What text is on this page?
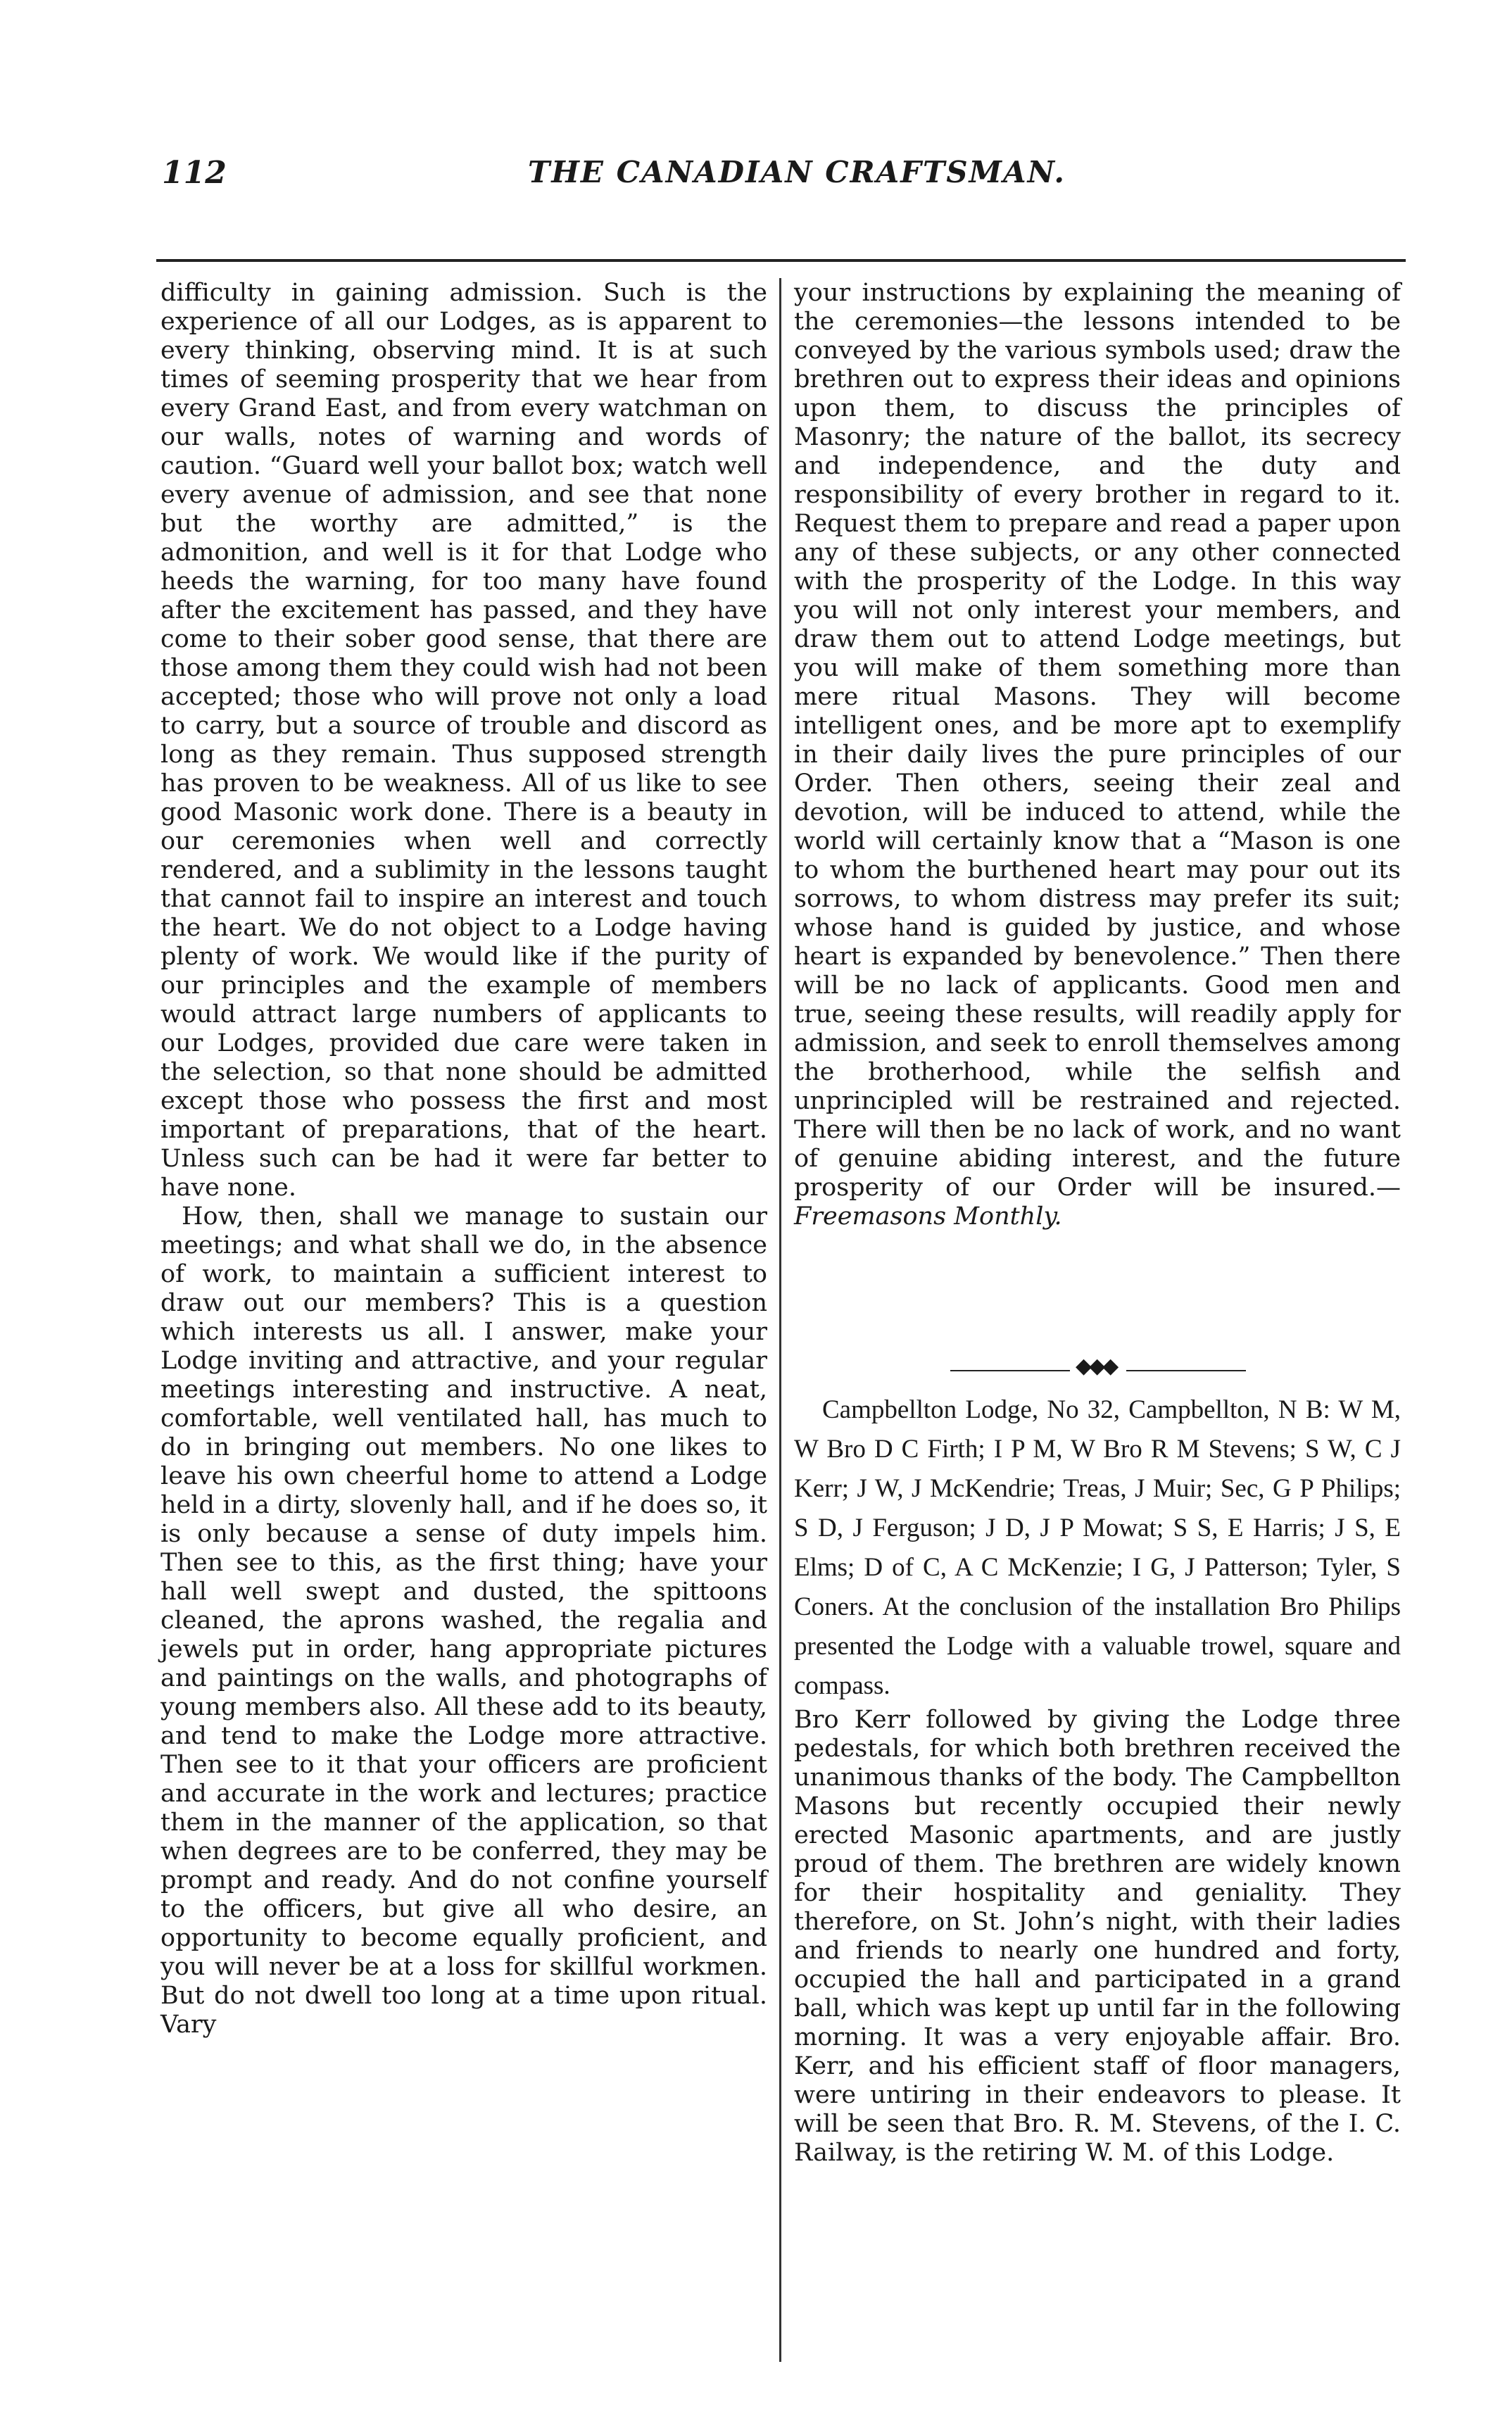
112	THE CANADIAN CRAFTSMAN.

difficulty in gaining admission. Such is the experience of all our Lodges, as is apparent to every thinking, observing mind. It is at such times of seeming prosperity that we hear from every Grand East, and from every watchman on our walls, notes of warning and words of caution. “Guard well your ballot box; watch well every avenue of admission, and see that none but the worthy are admitted,” is the admonition, and well is it for that Lodge who heeds the warning, for too many have found after the excitement has passed, and they have come to their sober good sense, that there are those among them they could wish had not been accepted; those who will prove not only a load to carry, but a source of trouble and discord as long as they remain. Thus supposed strength has proven to be weakness. All of us like to see good Masonic work done. There is a beauty in our ceremonies when well and correctly rendered, and a sublimity in the lessons taught that cannot fail to inspire an interest and touch the heart. We do not object to a Lodge having plenty of work. We would like if the purity of our principles and the example of members would attract large numbers of applicants to our Lodges, provided due care were taken in the selection, so that none should be admitted except those who possess the first and most important of preparations, that of the heart. Unless such can be had it were far better to have none.

How, then, shall we manage to sustain our meetings; and what shall we do, in the absence of work, to maintain a sufficient interest to draw out our members? This is a question which interests us all. I answer, make your Lodge inviting and attractive, and your regular meetings interesting and instructive. A neat, comfortable, well ventilated hall, has much to do in bringing out members. No one likes to leave his own cheerful home to attend a Lodge held in a dirty, slovenly hall, and if he does so, it is only because a sense of duty impels him. Then see to this, as the first thing; have your hall well swept and dusted, the spittoons cleaned, the aprons washed, the regalia and jewels put in order, hang appropriate pictures and paintings on the walls, and photographs of young members also. All these add to its beauty, and tend to make the Lodge more attractive. Then see to it that your officers are proficient and accurate in the work and lectures; practice them in the manner of the application, so that when degrees are to be conferred, they may be prompt and ready. And do not confine yourself to the officers, but give all who desire, an opportunity to become equally proficient, and you will never be at a loss for skillful workmen. But do not dwell too long at a time upon ritual. Vary

your instructions by explaining the meaning of the ceremonies—the lessons intended to be conveyed by the various symbols used; draw the brethren out to express their ideas and opinions upon them, to discuss the principles of Masonry; the nature of the ballot, its secrecy and independence, and the duty and responsibility of every brother in regard to it. Request them to prepare and read a paper upon any of these subjects, or any other connected with the prosperity of the Lodge. In this way you will not only interest your members, and draw them out to attend Lodge meetings, but you will make of them something more than mere ritual Masons. They will become intelligent ones, and be more apt to exemplify in their daily lives the pure principles of our Order. Then others, seeing their zeal and devotion, will be induced to attend, while the world will certainly know that a “Mason is one to whom the burthened heart may pour out its sorrows, to whom distress may prefer its suit; whose hand is guided by justice, and whose heart is expanded by benevolence.” Then there will be no lack of applicants. Good men and true, seeing these results, will readily apply for admission, and seek to enroll themselves among the brotherhood, while the selfish and unprincipled will be restrained and rejected. There will then be no lack of work, and no want of genuine abiding interest, and the future prosperity of our Order will be insured.—Freemasons Monthly.

◆◆◆

Campbellton Lodge, No 32, Campbellton, N B: W M, W Bro D C Firth; I P M, W Bro R M Stevens; S W, C J Kerr; J W, J McKendrie; Treas, J Muir; Sec, G P Philips; S D, J Ferguson; J D, J P Mowat; S S, E Harris; J S, E Elms; D of C, A C McKenzie; I G, J Patterson; Tyler, S Coners. At the conclusion of the installation Bro Philips presented the Lodge with a valuable trowel, square and compass.

Bro Kerr followed by giving the Lodge three pedestals, for which both brethren received the unanimous thanks of the body. The Campbellton Masons but recently occupied their newly erected Masonic apartments, and are justly proud of them. The brethren are widely known for their hospitality and geniality. They therefore, on St. John’s night, with their ladies and friends to nearly one hundred and forty, occupied the hall and participated in a grand ball, which was kept up until far in the following morning. It was a very enjoyable affair. Bro. Kerr, and his efficient staff of floor managers, were untiring in their endeavors to please. It will be seen that Bro. R. M. Stevens, of the I. C. Railway, is the retiring W. M. of this Lodge.
